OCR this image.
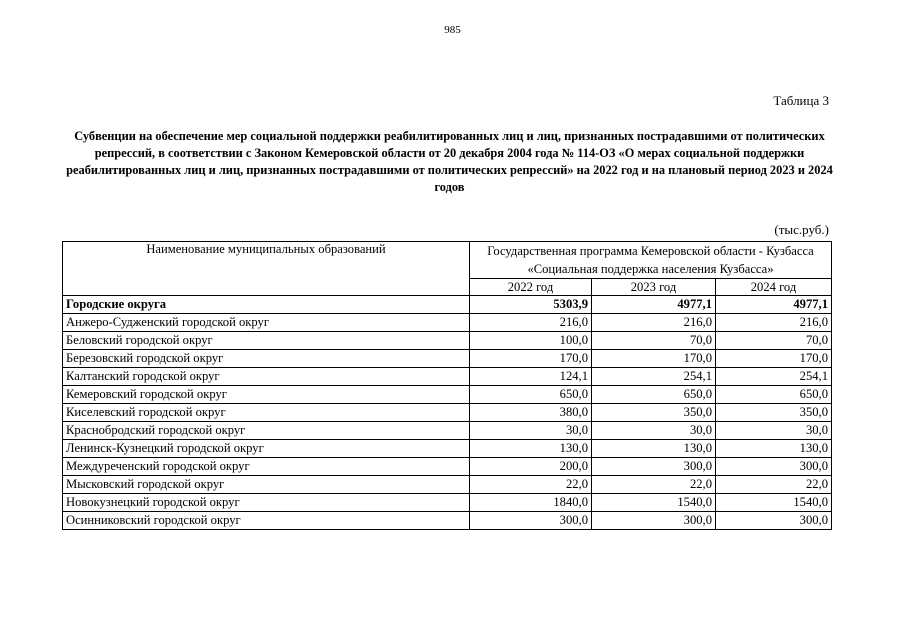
985
Таблица 3
Субвенции на обеспечение мер социальной поддержки реабилитированных лиц и лиц, признанных пострадавшими от политических репрессий, в соответствии с Законом Кемеровской области от 20 декабря 2004 года № 114-ОЗ «О мерах социальной поддержки реабилитированных лиц и лиц, признанных пострадавшими от политических репрессий» на 2022 год и на плановый период 2023 и 2024 годов
(тыс.руб.)
Наименование муниципальных образований	Государственная программа Кемеровской области - Кузбасса «Социальная поддержка населения Кузбасса»		
	2022 год	2023 год	2024 год
Городские округа	5303,9	4977,1	4977,1
Анжеро-Судженский городской округ	216,0	216,0	216,0
Беловский городской округ	100,0	70,0	70,0
Березовский городской округ	170,0	170,0	170,0
Калтанский городской округ	124,1	254,1	254,1
Кемеровский городской округ	650,0	650,0	650,0
Киселевский городской округ	380,0	350,0	350,0
Краснобродский городской округ	30,0	30,0	30,0
Ленинск-Кузнецкий городской округ	130,0	130,0	130,0
Междуреченский городской округ	200,0	300,0	300,0
Мысковский городской округ	22,0	22,0	22,0
Новокузнецкий городской округ	1840,0	1540,0	1540,0
Осинниковский городской округ	300,0	300,0	300,0
